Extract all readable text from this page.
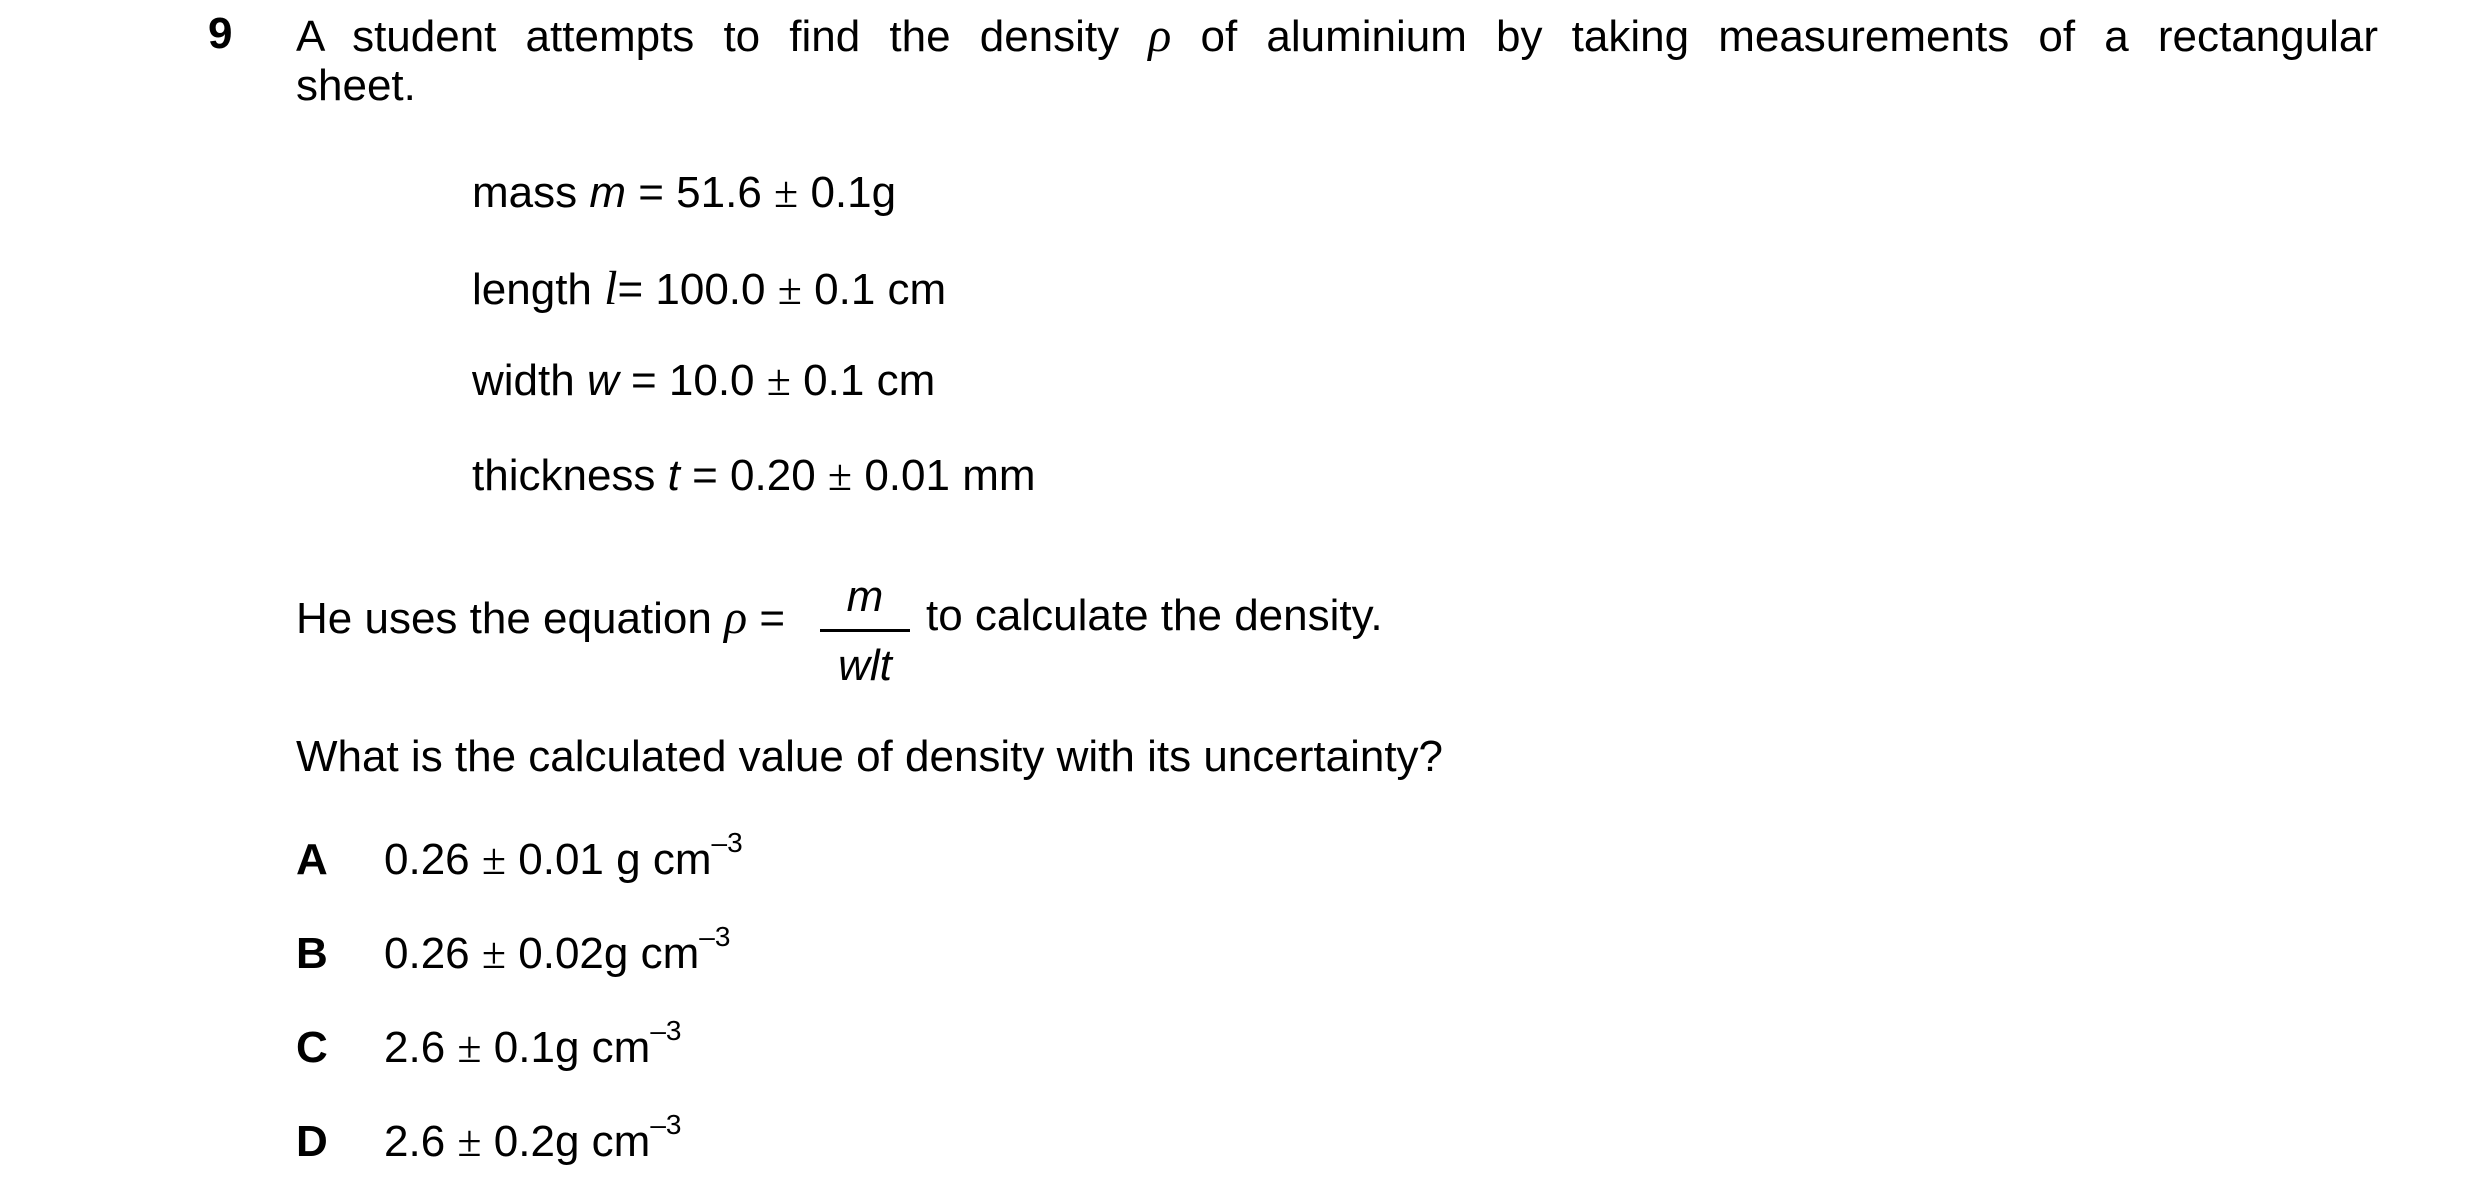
9 A student attempts to find the density ρ of aluminium by taking measurements of a rectangular
sheet.
mass m = 51.6 ± 0.1g
length l= 100.0 ± 0.1 cm
width w = 10.0 ± 0.1 cm
thickness t = 0.20 ± 0.01 mm
He uses the equation ρ =	m
wlt
to calculate the density.
What is the calculated value of density with its uncertainty?
A 0.26 ± 0.01 g $cm^{-3}$
B 0.26 ± 0.02g $cm^{-3}$
C 2.6 ± 0.1g $cm^{-3}$
D 2.6 ± 0.2g $cm^{-3}$
